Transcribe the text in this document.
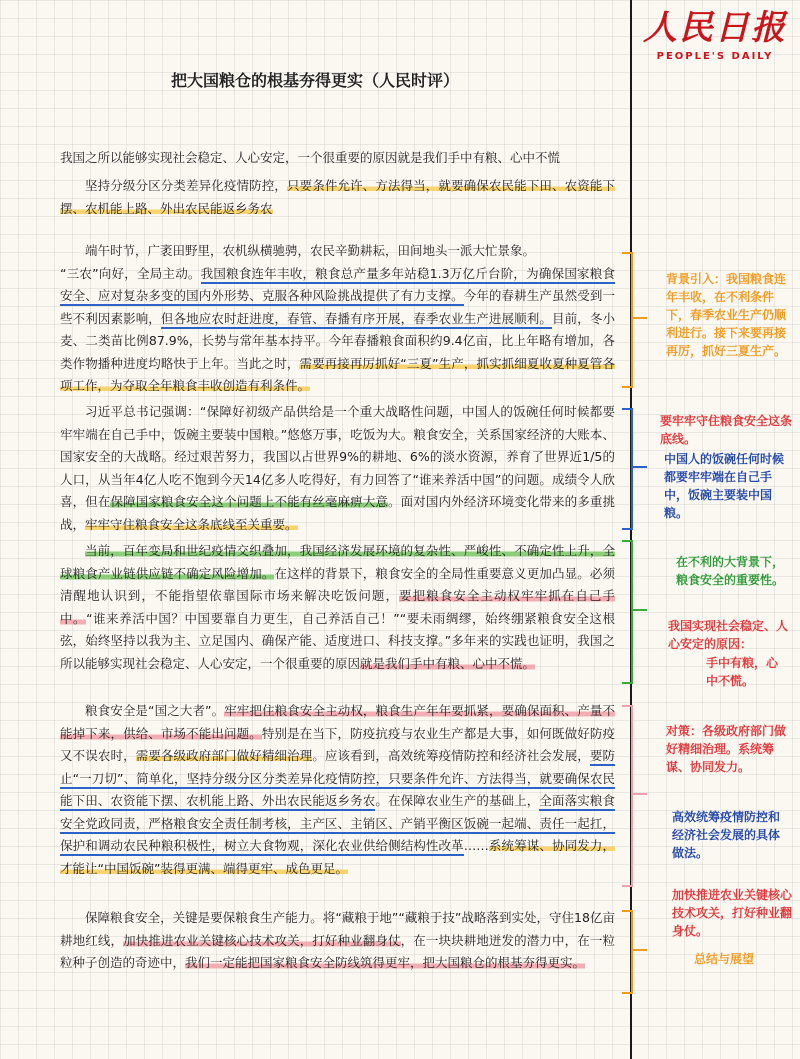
人民日报
PEOPLE'S DAILY
把大国粮仓的根基夯得更实（人民时评）

我国之所以能够实现社会稳定、人心安定，一个很重要的原因就是我们手中有粮、心中不慌

坚持分级分区分类差异化疫情防控，只要条件允许、方法得当，就要确保农民能下田、农资能下摆、农机能上路、外出农民能返乡务农

端午时节，广袤田野里，农机纵横驰骋，农民辛勤耕耘，田间地头一派大忙景象。
“三农”向好，全局主动。我国粮食连年丰收，粮食总产量多年站稳1.3万亿斤台阶，为确保国家粮食安全、应对复杂多变的国内外形势、克服各种风险挑战提供了有力支撑。今年的春耕生产虽然受到一些不利因素影响，但各地应农时赶进度，春管、春播有序开展，春季农业生产进展顺利。目前，冬小麦、二类苗比例87.9%，长势与常年基本持平。今年春播粮食面积约9.4亿亩，比上年略有增加，各类作物播种进度均略快于上年。当此之时，需要再接再厉抓好“三夏”生产，抓实抓细夏收夏种夏管各项工作，为夺取全年粮食丰收创造有利条件。

习近平总书记强调：“保障好初级产品供给是一个重大战略性问题，中国人的饭碗任何时候都要牢牢端在自己手中，饭碗主要装中国粮。”悠悠万事，吃饭为大。粮食安全，关系国家经济的大账本、国家安全的大战略。经过艰苦努力，我国以占世界9%的耕地、6%的淡水资源，养育了世界近1/5的人口，从当年4亿人吃不饱到今天14亿多人吃得好，有力回答了“谁来养活中国”的问题。成绩令人欣喜，但在保障国家粮食安全这个问题上不能有丝毫麻痹大意。面对国内外经济环境变化带来的多重挑战，牢牢守住粮食安全这条底线至关重要。

当前，百年变局和世纪疫情交织叠加，我国经济发展环境的复杂性、严峻性、不确定性上升，全球粮食产业链供应链不确定风险增加。在这样的背景下，粮食安全的全局性重要意义更加凸显。必须清醒地认识到，不能指望依靠国际市场来解决吃饭问题，要把粮食安全主动权牢牢抓在自己手中。“谁来养活中国？中国要靠自力更生，自己养活自己！”“要未雨绸缪，始终绷紧粮食安全这根弦，始终坚持以我为主、立足国内、确保产能、适度进口、科技支撑。”多年来的实践也证明，我国之所以能够实现社会稳定、人心安定，一个很重要的原因就是我们手中有粮、心中不慌。

粮食安全是“国之大者”。牢牢把住粮食安全主动权，粮食生产年年要抓紧，要确保面积、产量不能掉下来，供给、市场不能出问题。特别是在当下，防疫抗疫与农业生产都是大事，如何既做好防疫又不误农时，需要各级政府部门做好精细治理。应该看到，高效统筹疫情防控和经济社会发展，要防止“一刀切”、简单化，坚持分级分区分类差异化疫情防控，只要条件允许、方法得当，就要确保农民能下田、农资能下摆、农机能上路、外出农民能返乡务农。在保障农业生产的基础上，全面落实粮食安全党政同责，严格粮食安全责任制考核，主产区、主销区、产销平衡区饭碗一起端、责任一起扛，保护和调动农民种粮积极性，树立大食物观，深化农业供给侧结构性改革……系统筹谋、协同发力，才能让“中国饭碗”装得更满、端得更牢、成色更足。

保障粮食安全，关键是要保粮食生产能力。将“藏粮于地”“藏粮于技”战略落到实处，守住18亿亩耕地红线，加快推进农业关键核心技术攻关，打好种业翻身仗，在一块块耕地迸发的潜力中，在一粒粒种子创造的奇迹中，我们一定能把国家粮食安全防线筑得更牢，把大国粮仓的根基夯得更实。

背景引入：我国粮食连年丰收，在不利条件下，春季农业生产仍顺利进行。接下来要再接再厉，抓好三夏生产。

要牢牢守住粮食安全这条底线。

中国人的饭碗任何时候都要牢牢端在自己手中，饭碗主要装中国粮。

在不利的大背景下，粮食安全的重要性。

我国实现社会稳定、人心安定的原因：

手中有粮，心中不慌。

对策：各级政府部门做好精细治理。系统筹谋、协同发力。

高效统筹疫情防控和经济社会发展的具体做法。

加快推进农业关键核心技术攻关，打好种业翻身仗。

总结与展望
